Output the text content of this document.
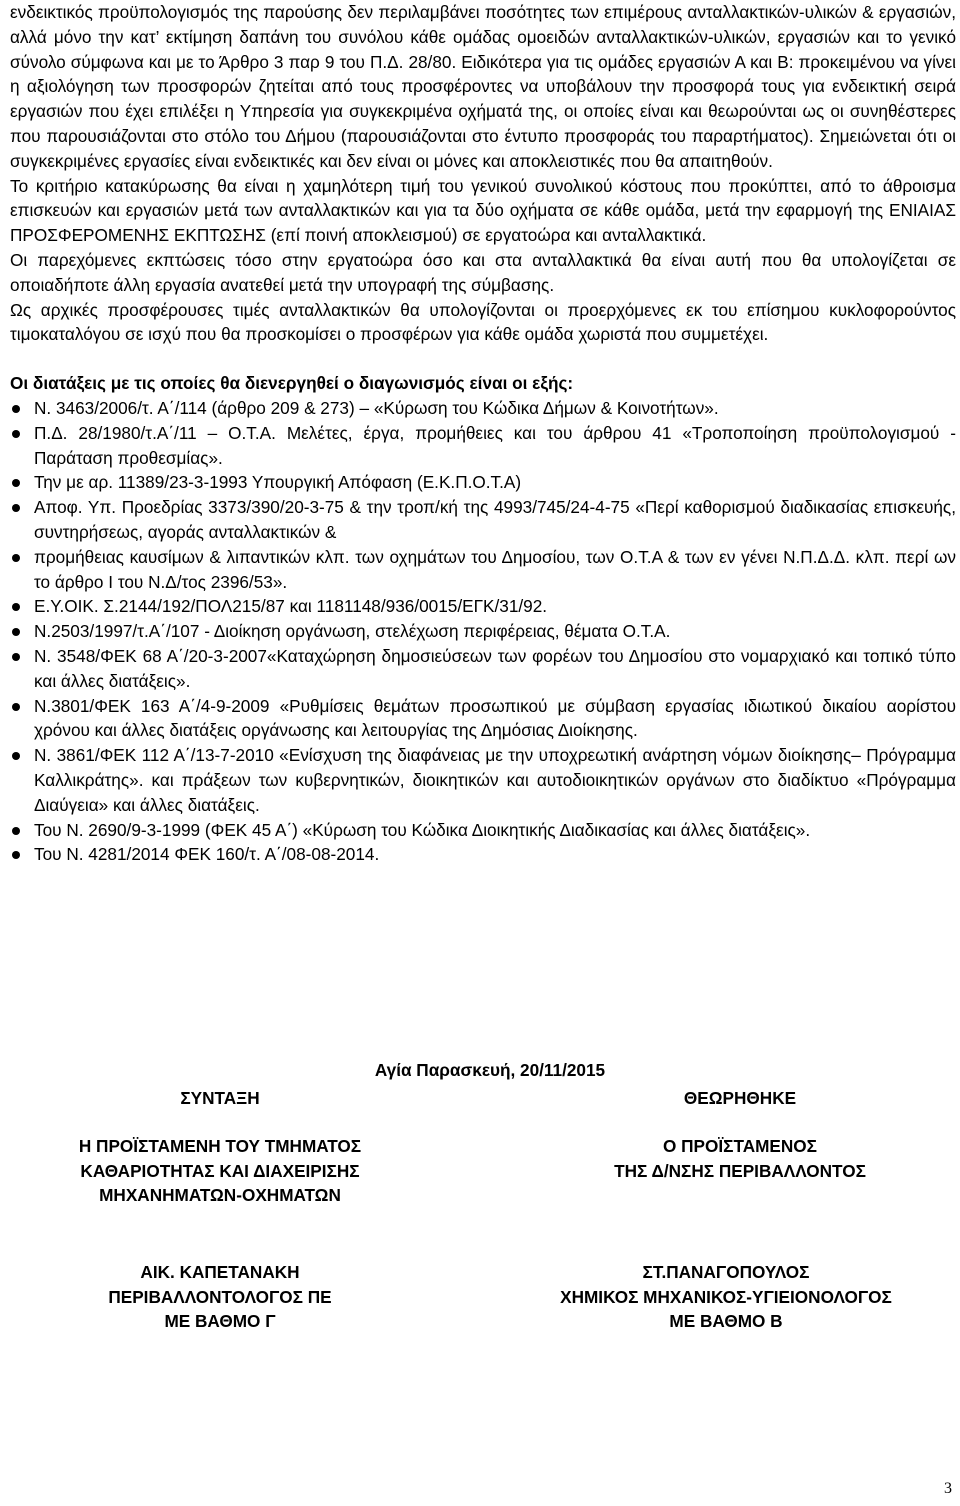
ενδεικτικός προϋπολογισμός της παρούσης δεν περιλαμβάνει ποσότητες των επιμέρους ανταλλακτικών-υλικών & εργασιών, αλλά μόνο την κατ’ εκτίμηση δαπάνη του συνόλου κάθε ομάδας ομοειδών ανταλλακτικών-υλικών, εργασιών και το γενικό σύνολο σύμφωνα και με το Άρθρο 3 παρ 9 του Π.Δ. 28/80. Ειδικότερα για τις ομάδες εργασιών Α και Β: προκειμένου να γίνει η αξιολόγηση των προσφορών ζητείται από τους προσφέροντες να υποβάλουν την προσφορά τους για ενδεικτική σειρά εργασιών που έχει επιλέξει η Υπηρεσία για συγκεκριμένα οχήματά της, οι οποίες είναι και θεωρούνται ως οι συνηθέστερες που παρουσιάζονται στο στόλο του Δήμου (παρουσιάζονται στο έντυπο προσφοράς του παραρτήματος). Σημειώνεται ότι οι συγκεκριμένες εργασίες είναι ενδεικτικές και δεν είναι οι μόνες και αποκλειστικές που θα απαιτηθούν.

Το κριτήριο κατακύρωσης θα είναι η χαμηλότερη τιμή του γενικού συνολικού κόστους που προκύπτει, από το άθροισμα επισκευών και εργασιών μετά των ανταλλακτικών και για τα δύο οχήματα σε κάθε ομάδα, μετά την εφαρμογή της ΕΝΙΑΙΑΣ ΠΡΟΣΦΕΡΟΜΕΝΗΣ ΕΚΠΤΩΣΗΣ (επί ποινή αποκλεισμού) σε εργατοώρα και ανταλλακτικά.

Οι παρεχόμενες εκπτώσεις τόσο στην εργατοώρα όσο και στα ανταλλακτικά θα είναι αυτή που θα υπολογίζεται σε οποιαδήποτε άλλη εργασία ανατεθεί μετά την υπογραφή της σύμβασης.

Ως αρχικές προσφέρουσες τιμές ανταλλακτικών θα υπολογίζονται οι προερχόμενες εκ του επίσημου κυκλοφορούντος τιμοκαταλόγου σε ισχύ που θα προσκομίσει ο προσφέρων για κάθε ομάδα χωριστά που συμμετέχει.

Οι διατάξεις με τις οποίες θα διενεργηθεί ο διαγωνισμός είναι οι εξής:
Ν. 3463/2006/τ. Α΄/114 (άρθρο 209 & 273) – «Κύρωση του Κώδικα Δήμων & Κοινοτήτων».
Π.Δ. 28/1980/τ.Α΄/11 – Ο.Τ.Α. Μελέτες, έργα, προμήθειες και του άρθρου 41 «Τροποποίηση προϋπολογισμού - Παράταση προθεσμίας».
Την με αρ. 11389/23-3-1993 Υπουργική Απόφαση (Ε.Κ.Π.Ο.Τ.Α)
Αποφ. Υπ. Προεδρίας 3373/390/20-3-75 & την τροπ/κή της 4993/745/24-4-75 «Περί καθορισμού διαδικασίας επισκευής, συντηρήσεως, αγοράς ανταλλακτικών &
προμήθειας καυσίμων & λιπαντικών κλπ. των οχημάτων του Δημοσίου, των Ο.Τ.Α & των εν γένει Ν.Π.Δ.Δ. κλπ. περί ων το άρθρο Ι του Ν.Δ/τος 2396/53».
Ε.Υ.ΟΙΚ. Σ.2144/192/ΠΟΛ215/87 και 1181148/936/0015/ΕΓΚ/31/92.
Ν.2503/1997/τ.Α΄/107 - Διοίκηση οργάνωση, στελέχωση περιφέρειας, θέματα Ο.Τ.Α.
Ν. 3548/ΦΕΚ 68 Α΄/20-3-2007«Καταχώρηση δημοσιεύσεων των φορέων του Δημοσίου στο νομαρχιακό και τοπικό τύπο και άλλες διατάξεις».
Ν.3801/ΦΕΚ 163 Α΄/4-9-2009 «Ρυθμίσεις θεμάτων προσωπικού με σύμβαση εργασίας ιδιωτικού δικαίου αορίστου χρόνου και άλλες διατάξεις οργάνωσης και λειτουργίας της Δημόσιας Διοίκησης.
Ν. 3861/ΦΕΚ 112 Α΄/13-7-2010 «Ενίσχυση της διαφάνειας με την υποχρεωτική ανάρτηση νόμων διοίκησης– Πρόγραμμα Καλλικράτης». και πράξεων των κυβερνητικών, διοικητικών και αυτοδιοικητικών οργάνων στο διαδίκτυο «Πρόγραμμα Διαύγεια» και άλλες διατάξεις.
Του Ν. 2690/9-3-1999 (ΦΕΚ 45 Α΄) «Κύρωση του Κώδικα Διοικητικής Διαδικασίας και άλλες διατάξεις».
Του Ν. 4281/2014 ΦΕΚ 160/τ. Α΄/08-08-2014.
Αγία Παρασκευή, 20/11/2015
ΣΥΝΤΑΞΗ
Η ΠΡΟΪΣΤΑΜΕΝΗ ΤΟΥ ΤΜΗΜΑΤΟΣ
ΚΑΘΑΡΙΟΤΗΤΑΣ ΚΑΙ ΔΙΑΧΕΙΡΙΣΗΣ
ΜΗΧΑΝΗΜΑΤΩΝ-ΟΧΗΜΑΤΩΝ
ΑΙΚ. ΚΑΠΕΤΑΝΑΚΗ
ΠΕΡΙΒΑΛΛΟΝΤΟΛΟΓΟΣ ΠΕ
ΜΕ ΒΑΘΜΟ Γ
ΘΕΩΡΗΘΗΚΕ
Ο ΠΡΟΪΣΤΑΜΕΝΟΣ
ΤΗΣ Δ/ΝΣΗΣ ΠΕΡΙΒΑΛΛΟΝΤΟΣ
ΣΤ.ΠΑΝΑΓΟΠΟΥΛΟΣ
ΧΗΜΙΚΟΣ ΜΗΧΑΝΙΚΟΣ-ΥΓΙΕΙΟΝΟΛΟΓΟΣ
ΜΕ ΒΑΘΜΟ Β
3
